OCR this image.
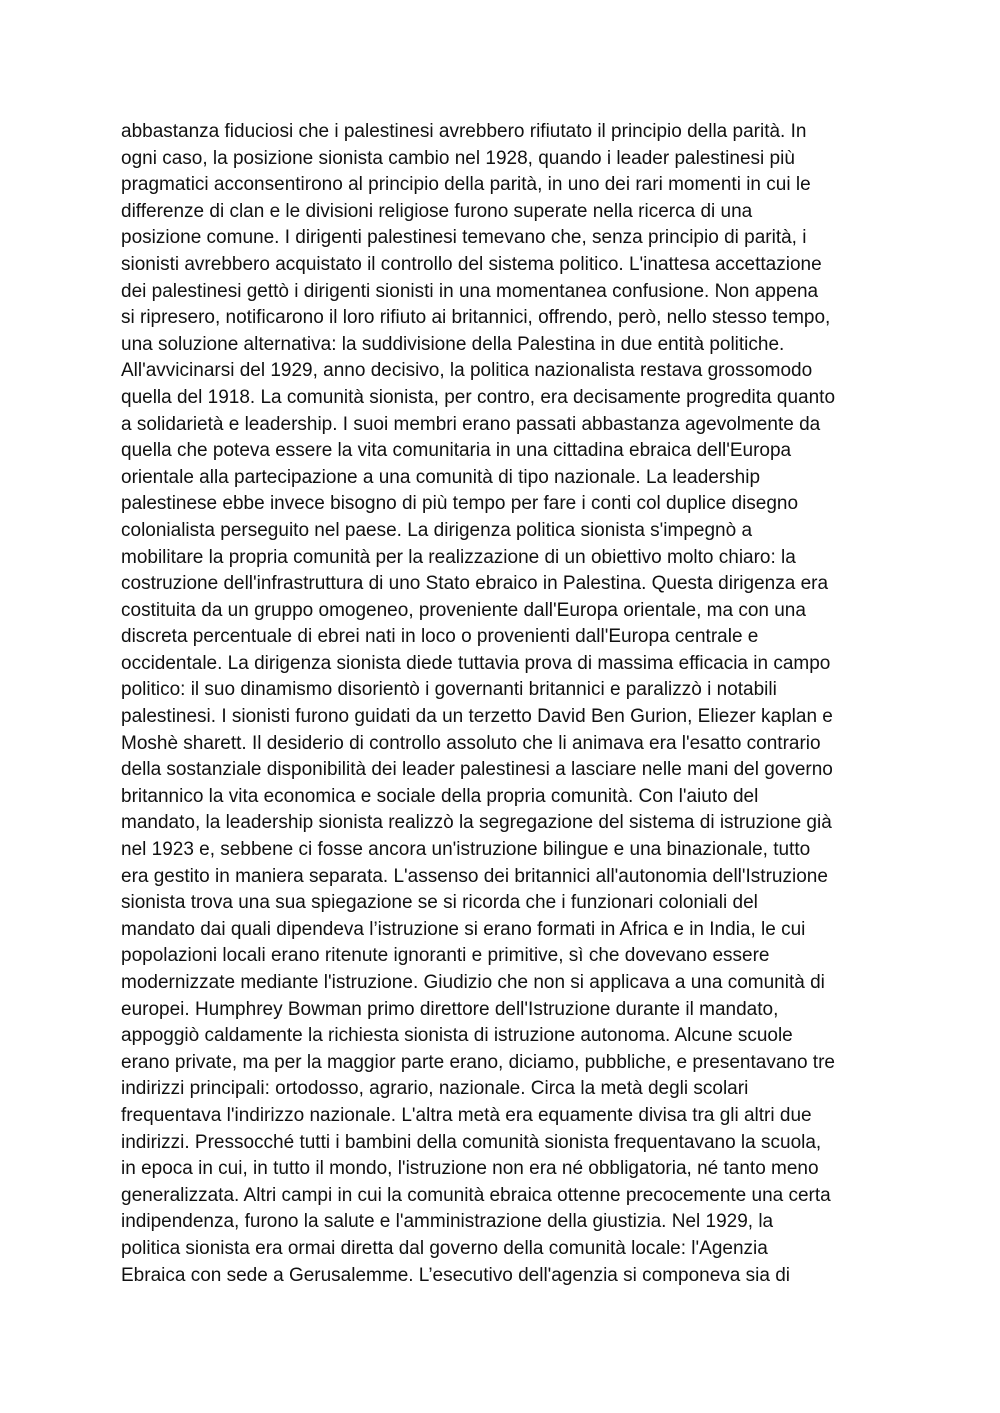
abbastanza fiduciosi che i palestinesi avrebbero rifiutato il principio della parità. In
ogni caso, la posizione sionista cambio nel 1928, quando i leader palestinesi più
pragmatici acconsentirono al principio della parità, in uno dei rari momenti in cui le
differenze di clan e le divisioni religiose furono superate nella ricerca di una
posizione comune. I dirigenti palestinesi temevano che, senza principio di parità, i
sionisti avrebbero acquistato il controllo del sistema politico. L'inattesa accettazione
dei palestinesi gettò i dirigenti sionisti in una momentanea confusione. Non appena
si ripresero, notificarono il loro rifiuto ai britannici, offrendo, però, nello stesso tempo,
una soluzione alternativa: la suddivisione della Palestina in due entità politiche.
All'avvicinarsi del 1929, anno decisivo, la politica nazionalista restava grossomodo
quella del 1918. La comunità sionista, per contro, era decisamente progredita quanto
a solidarietà e leadership. I suoi membri erano passati abbastanza agevolmente da
quella che poteva essere la vita comunitaria in una cittadina ebraica dell'Europa
orientale alla partecipazione a una comunità di tipo nazionale. La leadership
palestinese ebbe invece bisogno di più tempo per fare i conti col duplice disegno
colonialista perseguito nel paese. La dirigenza politica sionista s'impegnò a
mobilitare la propria comunità per la realizzazione di un obiettivo molto chiaro: la
costruzione dell'infrastruttura di uno Stato ebraico in Palestina. Questa dirigenza era
costituita da un gruppo omogeneo, proveniente dall'Europa orientale, ma con una
discreta percentuale di ebrei nati in loco o provenienti dall'Europa centrale e
occidentale. La dirigenza sionista diede tuttavia prova di massima efficacia in campo
politico: il suo dinamismo disorientò i governanti britannici e paralizzò i notabili
palestinesi. I sionisti furono guidati da un terzetto David Ben Gurion, Eliezer kaplan e
Moshè sharett. Il desiderio di controllo assoluto che li animava era l'esatto contrario
della sostanziale disponibilità dei leader palestinesi a lasciare nelle mani del governo
britannico la vita economica e sociale della propria comunità. Con l'aiuto del
mandato, la leadership sionista realizzò la segregazione del sistema di istruzione già
nel 1923 e, sebbene ci fosse ancora un'istruzione bilingue e una binazionale, tutto
era gestito in maniera separata. L'assenso dei britannici all'autonomia dell'Istruzione
sionista trova una sua spiegazione se si ricorda che i funzionari coloniali del
mandato dai quali dipendeva l’istruzione si erano formati in Africa e in India, le cui
popolazioni locali erano ritenute ignoranti e primitive, sì che dovevano essere
modernizzate mediante l'istruzione. Giudizio che non si applicava a una comunità di
europei. Humphrey Bowman primo direttore dell'Istruzione durante il mandato,
appoggiò caldamente la richiesta sionista di istruzione autonoma. Alcune scuole
erano private, ma per la maggior parte erano, diciamo, pubbliche, e presentavano tre
indirizzi principali: ortodosso, agrario, nazionale. Circa la metà degli scolari
frequentava l'indirizzo nazionale. L'altra metà era equamente divisa tra gli altri due
indirizzi. Pressocché tutti i bambini della comunità sionista frequentavano la scuola,
in epoca in cui, in tutto il mondo, l'istruzione non era né obbligatoria, né tanto meno
generalizzata. Altri campi in cui la comunità ebraica ottenne precocemente una certa
indipendenza, furono la salute e l'amministrazione della giustizia. Nel 1929, la
politica sionista era ormai diretta dal governo della comunità locale: l'Agenzia
Ebraica con sede a Gerusalemme. L’esecutivo dell'agenzia si componeva sia di
